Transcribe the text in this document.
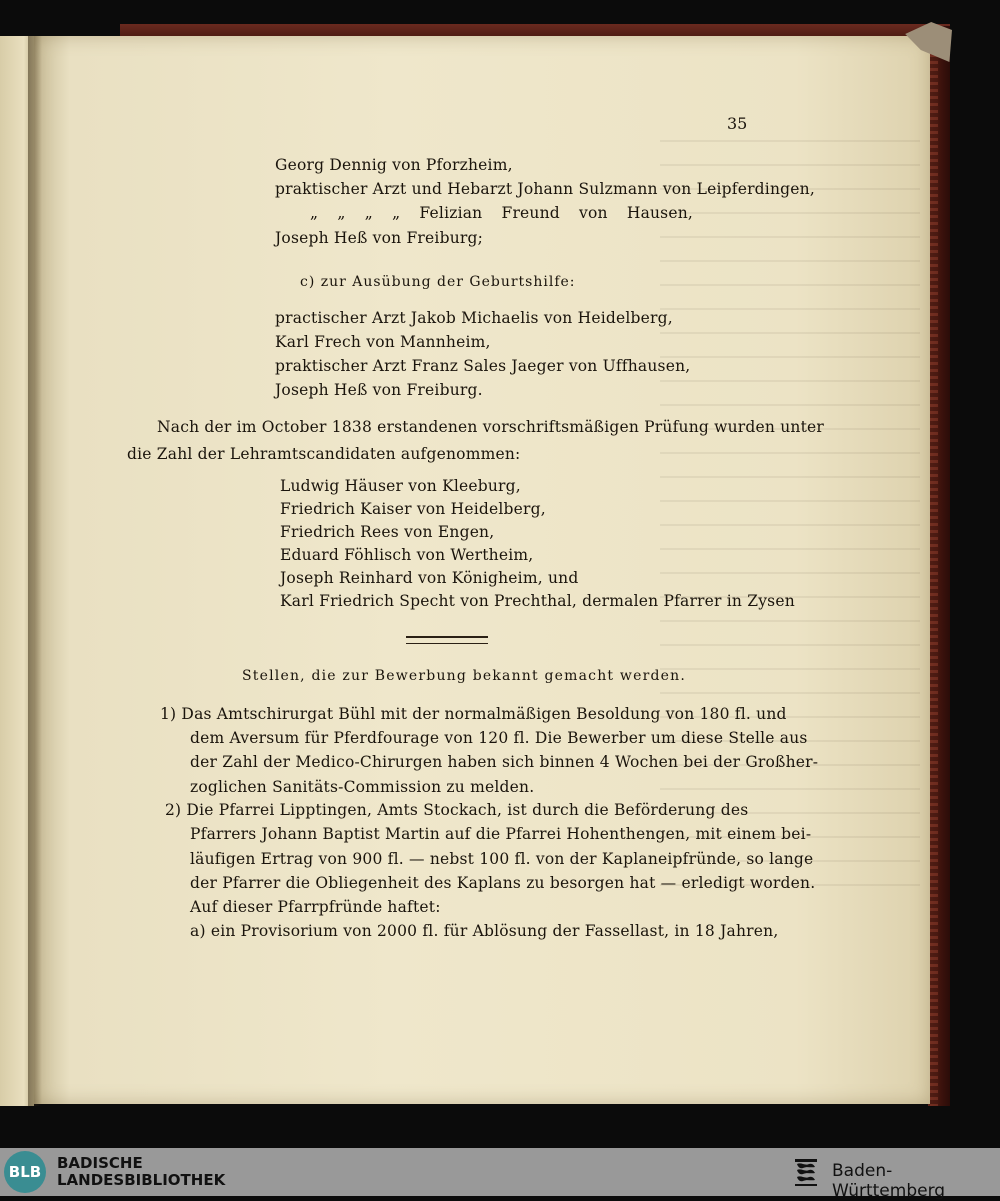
35
Georg Dennig von Pforzheim,
praktischer Arzt und Hebarzt Johann Sulzmann von Leipferdingen,
„ „ „ „ Felizian Freund von Hausen,
Joseph Heß von Freiburg;
c) zur Ausübung der Geburtshilfe:
practischer Arzt Jakob Michaelis von Heidelberg,
Karl Frech von Mannheim,
praktischer Arzt Franz Sales Jaeger von Uffhausen,
Joseph Heß von Freiburg.
Nach der im October 1838 erstandenen vorschriftsmäßigen Prüfung wurden unter
die Zahl der Lehramtscandidaten aufgenommen:
Ludwig Häuser von Kleeburg,
Friedrich Kaiser von Heidelberg,
Friedrich Rees von Engen,
Eduard Föhlisch von Wertheim,
Joseph Reinhard von Königheim, und
Karl Friedrich Specht von Prechthal, dermalen Pfarrer in Zysen
Stellen, die zur Bewerbung bekannt gemacht werden.
1) Das Amtschirurgat Bühl mit der normalmäßigen Besoldung von 180 fl. und
dem Aversum für Pferdfourage von 120 fl. Die Bewerber um diese Stelle aus
der Zahl der Medico-Chirurgen haben sich binnen 4 Wochen bei der Großher-
zoglichen Sanitäts-Commission zu melden.
2) Die Pfarrei Lipptingen, Amts Stockach, ist durch die Beförderung des
Pfarrers Johann Baptist Martin auf die Pfarrei Hohenthengen, mit einem bei-
läufigen Ertrag von 900 fl. — nebst 100 fl. von der Kaplaneipfründe, so lange
der Pfarrer die Obliegenheit des Kaplans zu besorgen hat — erledigt worden.
Auf dieser Pfarrpfründe haftet:
a) ein Provisorium von 2000 fl. für Ablösung der Fassellast, in 18 Jahren,
BLB	BADISCHE
LANDESBIBLIOTHEK	Baden-Württemberg
